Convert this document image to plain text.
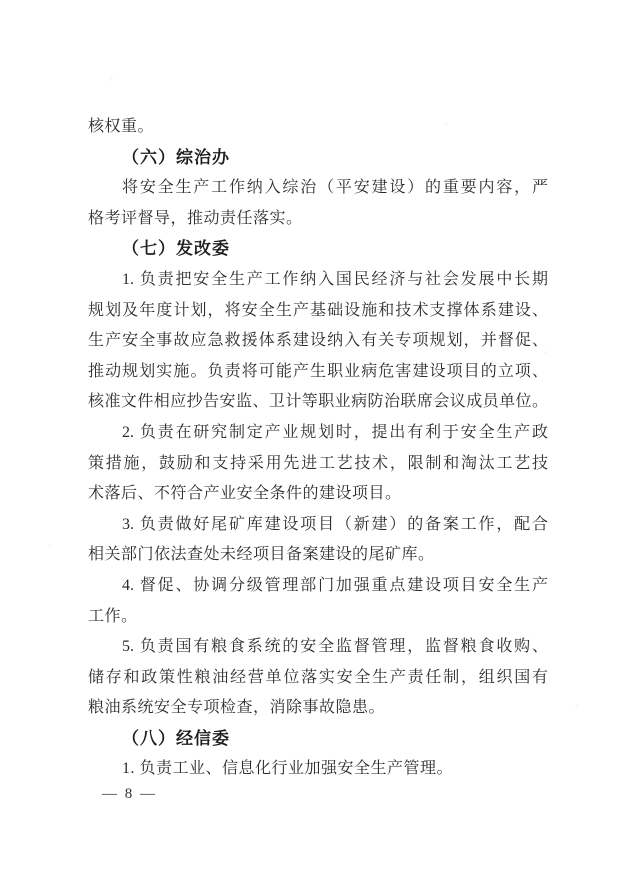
核权重。
（六）综治办
将安全生产工作纳入综治（平安建设）的重要内容，严
格考评督导，推动责任落实。
（七）发改委
1. 负责把安全生产工作纳入国民经济与社会发展中长期
规划及年度计划，将安全生产基础设施和技术支撑体系建设、
生产安全事故应急救援体系建设纳入有关专项规划，并督促、
推动规划实施。负责将可能产生职业病危害建设项目的立项、
核准文件相应抄告安监、卫计等职业病防治联席会议成员单位。
2. 负责在研究制定产业规划时，提出有利于安全生产政
策措施，鼓励和支持采用先进工艺技术，限制和淘汰工艺技
术落后、不符合产业安全条件的建设项目。
3. 负责做好尾矿库建设项目（新建）的备案工作，配合
相关部门依法查处未经项目备案建设的尾矿库。
4. 督促、协调分级管理部门加强重点建设项目安全生产
工作。
5. 负责国有粮食系统的安全监督管理，监督粮食收购、
储存和政策性粮油经营单位落实安全生产责任制，组织国有
粮油系统安全专项检查，消除事故隐患。
（八）经信委
1. 负责工业、信息化行业加强安全生产管理。
— 8 —
